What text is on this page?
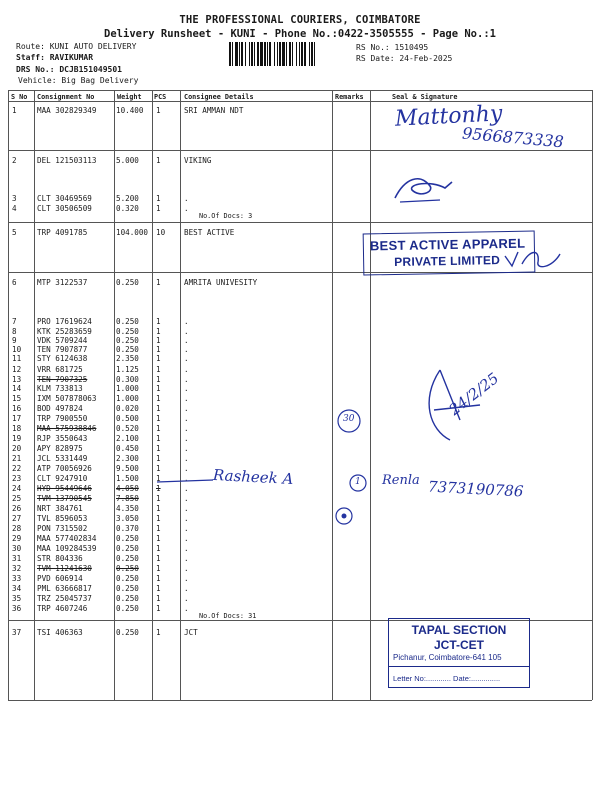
THE PROFESSIONAL COURIERS, COIMBATORE
Delivery Runsheet - KUNI - Phone No.:0422-3505555 - Page No.:1
Route: KUNI AUTO DELIVERY
Staff: RAVIKUMAR
DRS No.: DCJB151049501
Vehicle: Big Bag Delivery
RS No.: 1510495
RS Date: 24-Feb-2025
S No Consignment No	Weight PCS	Consignee Details	Remarks	Seal & Signature
1	MAA 302829349	10.400 1	SRI AMMAN NDT
2	DEL 121503113	5.000 1	VIKING
3	CLT 30469569	5.200 1	.
4	CLT 30506509	0.320 1	.
5	TRP 4091785	104.000 10 BEST ACTIVE
6	MTP 3122537	0.250 1	AMRITA UNIVESITY
7	PRO 17619624	0.250 1	.
8	KTK 25283659	0.250 1	.
9	VDK 5709244	0.250 1	.
10 TEN 7907877	0.250 1	.
11 STY 6124638	2.350 1	.
12 VRR 681725	1.125 1	.
13 TEN 7907325	0.300 1	.
14 KLM 733813	1.000 1	.
15 IXM 507878063	1.000 1	.
16 BOD 497824	0.020 1	.
17 TRP 7900550	0.500 1	.
18 MAA 575938846	0.520 1	.
19 RJP 3550643	2.100 1	.
20 APY 828975	0.450 1	.
21 JCL 5331449	2.300 1	.
22 ATP 70056926	9.500 1	.
23 CLT 9247910	1.500 1	.
24 HYD 95449646	4.050 1	.
25 TVM 13790545	7.850 1	.
26 NRT 384761	4.350 1	.
27 TVL 8596053	3.050 1	.
28 PON 7315502	0.370 1	.
29 MAA 577402834	0.250 1	.
30 MAA 109284539	0.250 1	.
31 STR 804336	0.250 1	.
32 TVM 11241630	0.250 1	.
33 PVD 606914	0.250 1	.
34 PML 63666817	0.250 1	.
35 TRZ 25045737	0.250 1	.
36 TRP 4607246	0.250 1	.
37 TSI 406363	0.250 1	JCT
No.Of Docs: 3
No.Of Docs: 31
BEST ACTIVE APPAREL
PRIVATE LIMITED
TAPAL SECTION
JCT-CET
Pichanur, Coimbatore-641 105
Letter No:............ Date:..............
Mattonhy
9566873338
24/2/25
30
Rasheek A	1 Renla 7373190786
